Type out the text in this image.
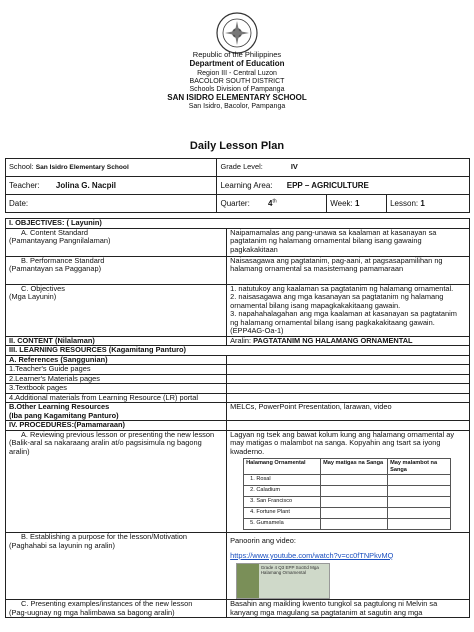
Republic of the Philippines
Department of Education
Region III - Central Luzon
BACOLOR SOUTH DISTRICT
Schools Division of Pampanga
SAN ISIDRO ELEMENTARY SCHOOL
San Isidro, Bacolor, Pampanga
Daily Lesson Plan
School: San Isidro Elementary School	Grade Level: IV		
Teacher: Jolina G. Nacpil	Learning Area: EPP – AGRICULTURE		
Date:	Quarter: 4th	Week: 1	Lesson: 1
I. OBJECTIVES: ( Layunin)

A. Content Standard
(Pamantayang Pangnilalaman)
	Naipamamalas ang pang-unawa sa kaalaman at kasanayan sa pagtatanim ng halamang ornamental bilang isang gawaing pagkakakitaan

B. Performance Standard
(Pamantayan sa Pagganap)
	Naisasagawa ang pagtatanim, pag-aani, at pagsasapamilihan ng halamang ornamental sa masistemang pamamaraan

C. Objectives
(Mga Layunin)

1. natutukoy ang kaalaman sa pagtatanim ng halamang ornamental.
2. naisasagawa ang mga kasanayan sa pagtatanim ng halamang ornamental bilang isang mapagkakakitaang gawain.
3. napahahalagahan ang mga kaalaman at kasanayan sa pagtatanim ng halamang ornamental bilang isang pagkakakitaang gawain. (EPP4AG-Oa-1)

II. CONTENT (Nilalaman)	Aralin: PAGTATANIM NG HALAMANG ORNAMENTAL
III. LEARNING RESOURCES (Kagamitang Panturo)
A. References (Sanggunian)	
1.Teacher's Guide pages	
2.Learner's Materials pages	
3.Textbook pages	
4.Additional materials from Learning Resource (LR) portal	

B.Other Learning Resources
(Iba pang Kagamitang Panturo)
	MELCs, PowerPoint Presentation, larawan, video
IV. PROCEDURES:(Pamamaraan)	

A. Reviewing previous lesson or presenting the new lesson
(Balik-aral sa nakaraang aralin at/o pagsisimula ng bagong aralin)

Lagyan ng tsek ang bawat kolum kung ang halamang ornamental ay may matigas o malambot na sanga. Kopyahin ang tsart sa iyong kwaderno.
Halamang Ornamental	May matigas na Sanga	May malambot na Sanga
1. Rosal		
2. Caladium		
3. San Francisco		
4. Fortune Plant		
5. Gumamela		

B. Establishing a purpose for the lesson/Motivation
(Paghahabi sa layunin ng aralin)

Panoorin ang video:
https://www.youtube.com/watch?v=cc0fTNPkvMQ
Grade 4 Q3 EPP SocEd Mga Halamang Ornamental

C. Presenting examples/instances of the new lesson
(Pag-uugnay ng mga halimbawa sa bagong aralin)
	Basahin ang maikling kwento tungkol sa pagtulong ni Melvin sa kanyang mga magulang sa pagtatanim at sagutin ang mga
